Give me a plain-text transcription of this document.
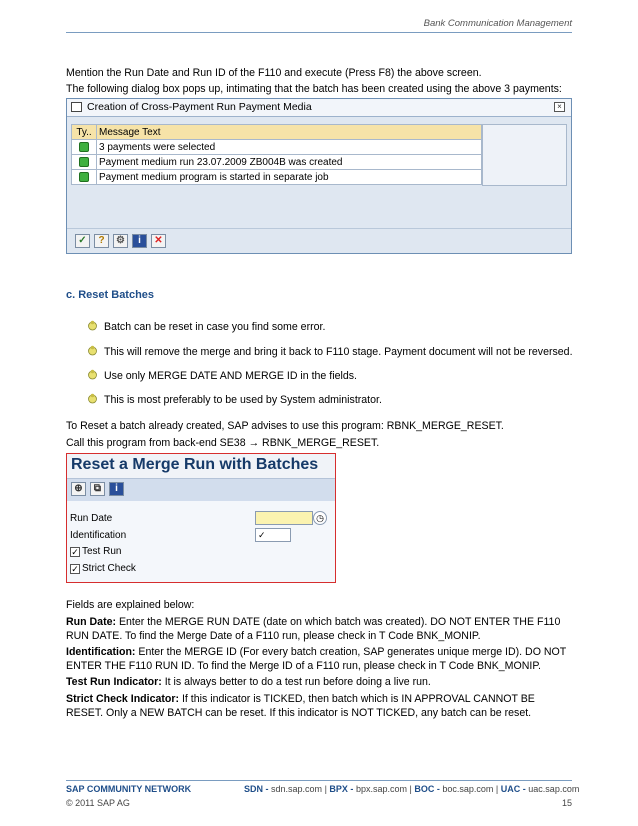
Bank Communication Management
Mention the Run Date and Run ID of the F110 and execute (Press F8) the above screen.
The following dialog box pops up, intimating that the batch has been created using the above 3 payments:
Creation of Cross-Payment Run Payment Media	×
Ty..	Message Text
	3 payments were selected
	Payment medium run 23.07.2009 ZB004B was created
	Payment medium program is started in separate job
✓	?	⚙	i	✕
c. Reset Batches
Batch can be reset in case you find some error.
This will remove the merge and bring it back to F110 stage. Payment document will not be reversed.
Use only MERGE DATE AND MERGE ID in the fields.
This is most preferably to be used by System administrator.
To Reset a batch already created, SAP advises to use this program: RBNK_MERGE_RESET.
Call this program from back-end SE38 → RBNK_MERGE_RESET.
Reset a Merge Run with Batches
⊕	⧉	i
Run Date	◷
Identification	✓
✓ Test Run
✓ Strict Check
Fields are explained below:
Run Date: Enter the MERGE RUN DATE (date on which batch was created). DO NOT ENTER THE F110 RUN DATE. To find the Merge Date of a F110 run, please check in T Code BNK_MONIP.
Identification: Enter the MERGE ID (For every batch creation, SAP generates unique merge ID). DO NOT ENTER THE F110 RUN ID. To find the Merge ID of a F110 run, please check in T Code BNK_MONIP.
Test Run Indicator: It is always better to do a test run before doing a live run.
Strict Check Indicator: If this indicator is TICKED, then batch which is IN APPROVAL CANNOT BE RESET. Only a NEW BATCH can be reset. If this indicator is NOT TICKED, any batch can be reset.
SAP COMMUNITY NETWORK
© 2011 SAP AG
SDN - sdn.sap.com | BPX - bpx.sap.com | BOC - boc.sap.com | UAC - uac.sap.com
15
